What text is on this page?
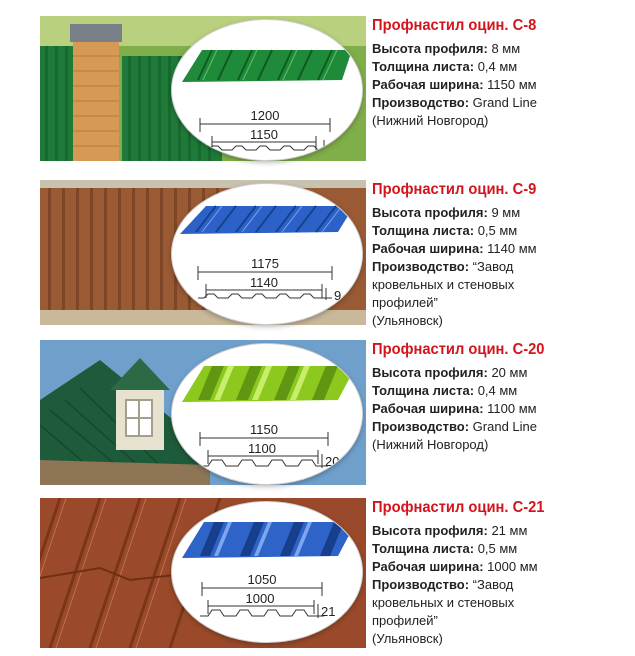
1200
1150
8
Профнастил оцин. С-8
Высота профиля: 8 мм
Толщина листа: 0,4 мм
Рабочая ширина: 1150 мм
Производство: Grand Line
(Нижний Новгород)
1175
1140
9
Профнастил оцин. С-9
Высота профиля: 9 мм
Толщина листа: 0,5 мм
Рабочая ширина: 1140 мм
Производство: “Завод кровельных и стеновых профилей”
(Ульяновск)
1150
1100
20
Профнастил оцин. С-20
Высота профиля: 20 мм
Толщина листа: 0,4 мм
Рабочая ширина: 1100 мм
Производство: Grand Line
(Нижний Новгород)
1050
1000
21
Профнастил оцин. С-21
Высота профиля: 21 мм
Толщина листа: 0,5 мм
Рабочая ширина: 1000 мм
Производство: “Завод кровельных и стеновых профилей”
(Ульяновск)
